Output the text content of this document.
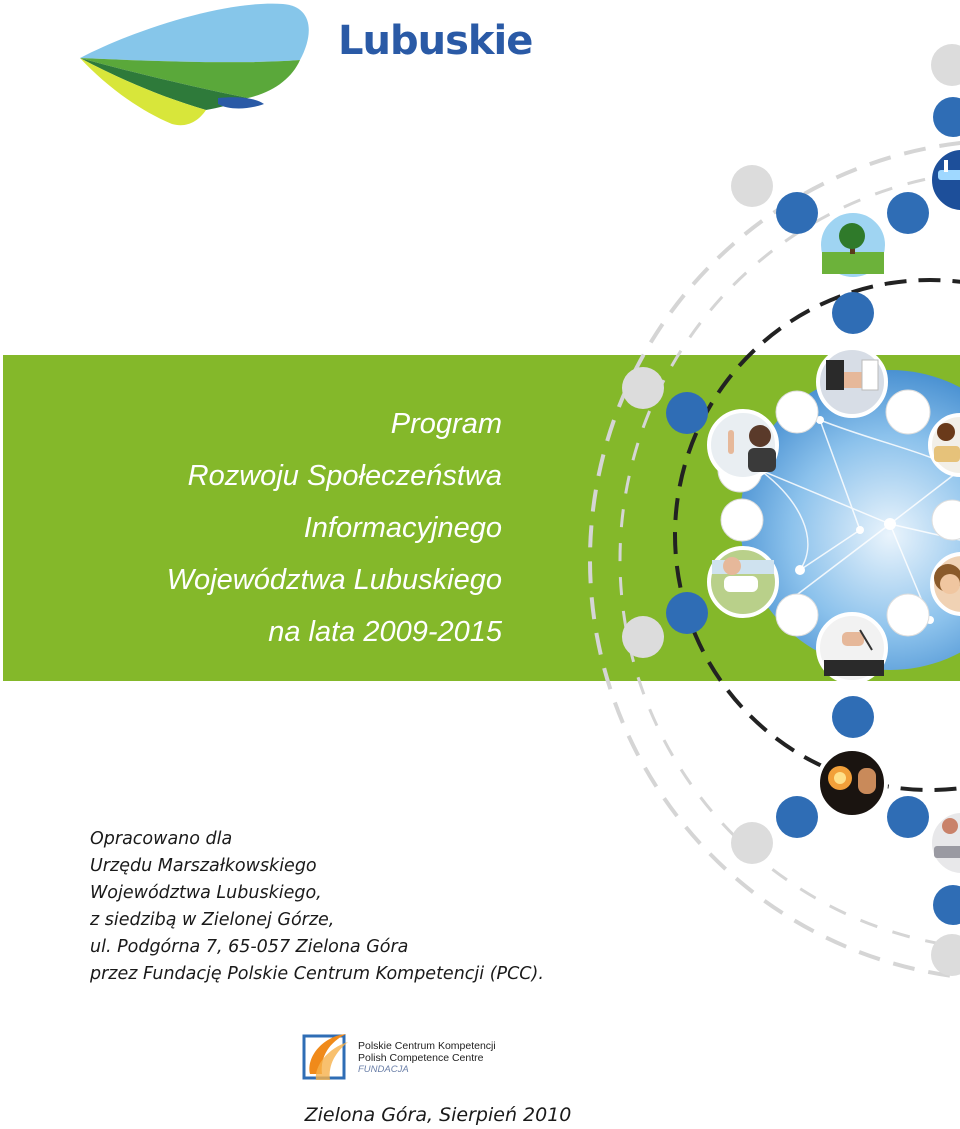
Lubuskie
Program
Rozwoju Społeczeństwa
Informacyjnego
Województwa Lubuskiego
na lata 2009-2015
Opracowano dla
Urzędu Marszałkowskiego
Województwa Lubuskiego,
z siedzibą w Zielonej Górze,
ul. Podgórna 7, 65-057 Zielona Góra
przez Fundację Polskie Centrum Kompetencji (PCC).
Polskie Centrum Kompetencji
Polish Competence Centre
FUNDACJA
Zielona Góra, Sierpień 2010
